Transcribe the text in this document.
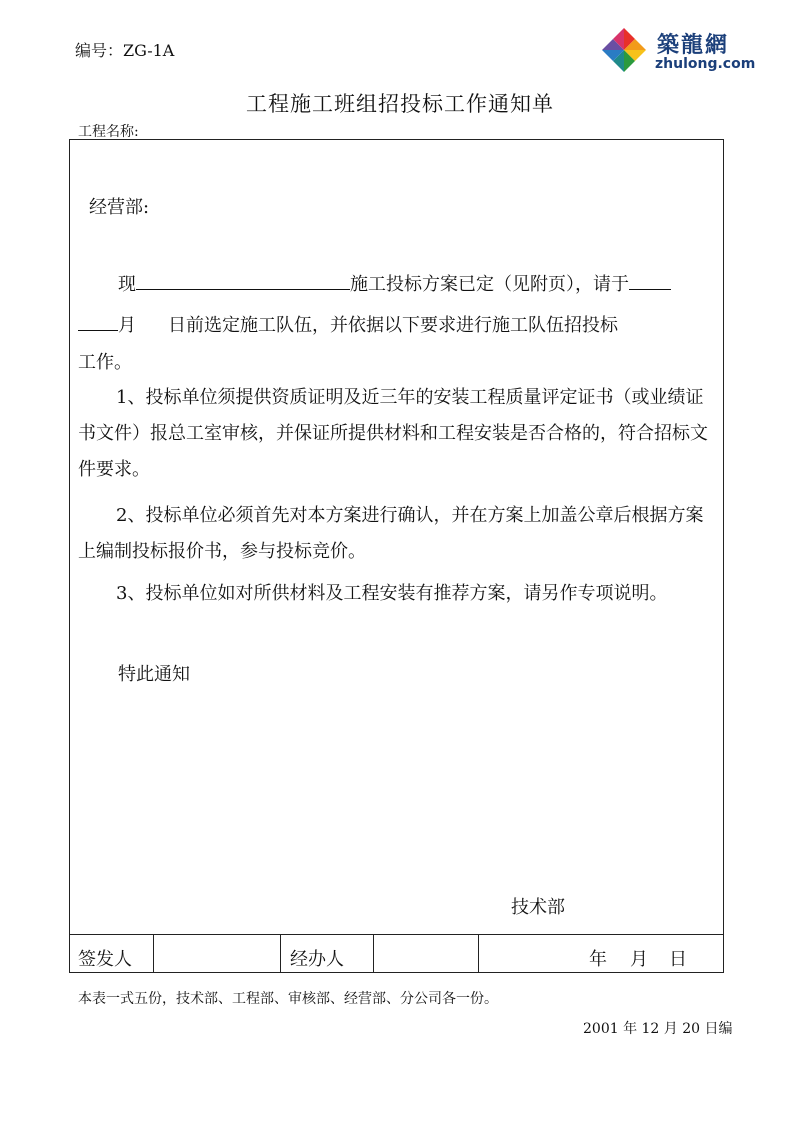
编号：ZG-1A	築龍網
zhulong.com
工程施工班组招投标工作通知单
工程名称:
经营部:
现	施工投标方案已定（见附页），请于
月 日前选定施工队伍，并依据以下要求进行施工队伍招投标
工作。
1、投标单位须提供资质证明及近三年的安装工程质量评定证书（或业绩证书文件）报总工室审核，并保证所提供材料和工程安装是否合格的，符合招标文件要求。
2、投标单位必须首先对本方案进行确认，并在方案上加盖公章后根据方案上编制投标报价书，参与投标竞价。
3、投标单位如对所供材料及工程安装有推荐方案，请另作专项说明。
特此通知
技术部
签发人	经办人	年 月 日
本表一式五份，技术部、工程部、审核部、经营部、分公司各一份。
2001 年 12 月 20 日编
